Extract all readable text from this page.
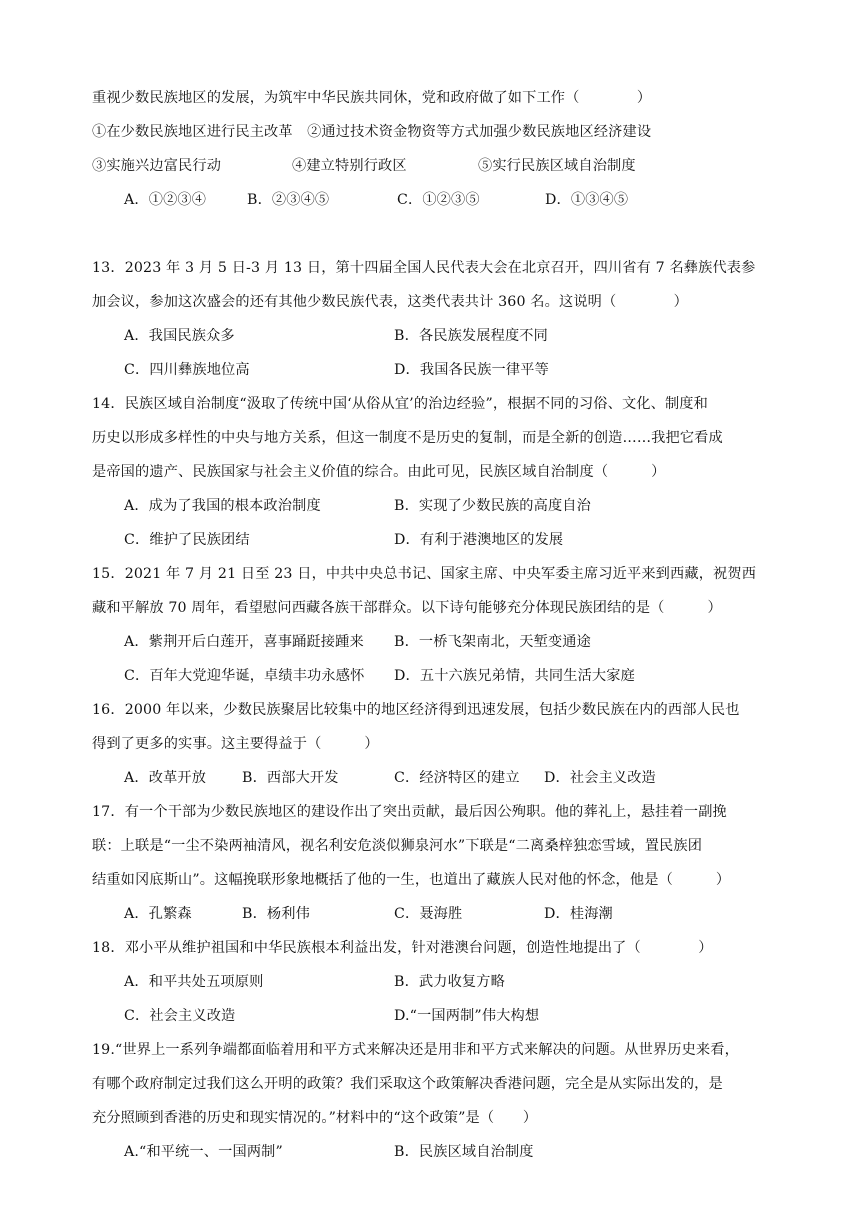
重视少数民族地区的发展，为筑牢中华民族共同休，党和政府做了如下工作（　　　　）
①在少数民族地区进行民主改革　②通过技术资金物资等方式加强少数民族地区经济建设
③实施兴边富民行动	④建立特别行政区	⑤实行民族区域自治制度
A．①②③④	B．②③④⑤	C．①②③⑤	D．①③④⑤
13．2023 年 3 月 5 日-3 月 13 日，第十四届全国人民代表大会在北京召开，四川省有 7 名彝族代表参
加会议，参加这次盛会的还有其他少数民族代表，这类代表共计 360 名。这说明（　　　　）
A．我国民族众多	B．各民族发展程度不同
C．四川彝族地位高	D．我国各民族一律平等
14．民族区域自治制度“汲取了传统中国‘从俗从宜’的治边经验”，根据不同的习俗、文化、制度和
历史以形成多样性的中央与地方关系，但这一制度不是历史的复制，而是全新的创造……我把它看成
是帝国的遗产、民族国家与社会主义价值的综合。由此可见，民族区域自治制度（　　　）
A．成为了我国的根本政治制度	B．实现了少数民族的高度自治
C．维护了民族团结	D．有利于港澳地区的发展
15．2021 年 7 月 21 日至 23 日，中共中央总书记、国家主席、中央军委主席习近平来到西藏，祝贺西
藏和平解放 70 周年，看望慰问西藏各族干部群众。以下诗句能够充分体现民族团结的是（　　　）
A．紫荆开后白莲开，喜事踊跹接踵来 B．一桥飞架南北，天堑变通途
C．百年大党迎华诞，卓绩丰功永感怀 D．五十六族兄弟情，共同生活大家庭
16．2000 年以来，少数民族聚居比较集中的地区经济得到迅速发展，包括少数民族在内的西部人民也
得到了更多的实事。这主要得益于（　　　）
A．改革开放	B．西部大开发	C．经济特区的建立 D．社会主义改造
17．有一个干部为少数民族地区的建设作出了突出贡献，最后因公殉职。他的葬礼上，悬挂着一副挽
联：上联是“一尘不染两袖清风，视名利安危淡似狮泉河水”下联是“二离桑梓独恋雪域，置民族团
结重如冈底斯山”。这幅挽联形象地概括了他的一生，也道出了藏族人民对他的怀念，他是（　　　）
A．孔繁森	B．杨利伟	C．聂海胜	D．桂海潮
18．邓小平从维护祖国和中华民族根本利益出发，针对港澳台问题，创造性地提出了（　　　　）
A．和平共处五项原则	B．武力收复方略
C．社会主义改造	D.“一国两制”伟大构想
19.“世界上一系列争端都面临着用和平方式来解决还是用非和平方式来解决的问题。从世界历史来看，
有哪个政府制定过我们这么开明的政策？我们采取这个政策解决香港问题，完全是从实际出发的，是
充分照顾到香港的历史和现实情况的。”材料中的“这个政策”是（　　）
A.“和平统一、一国两制”	B．民族区域自治制度
